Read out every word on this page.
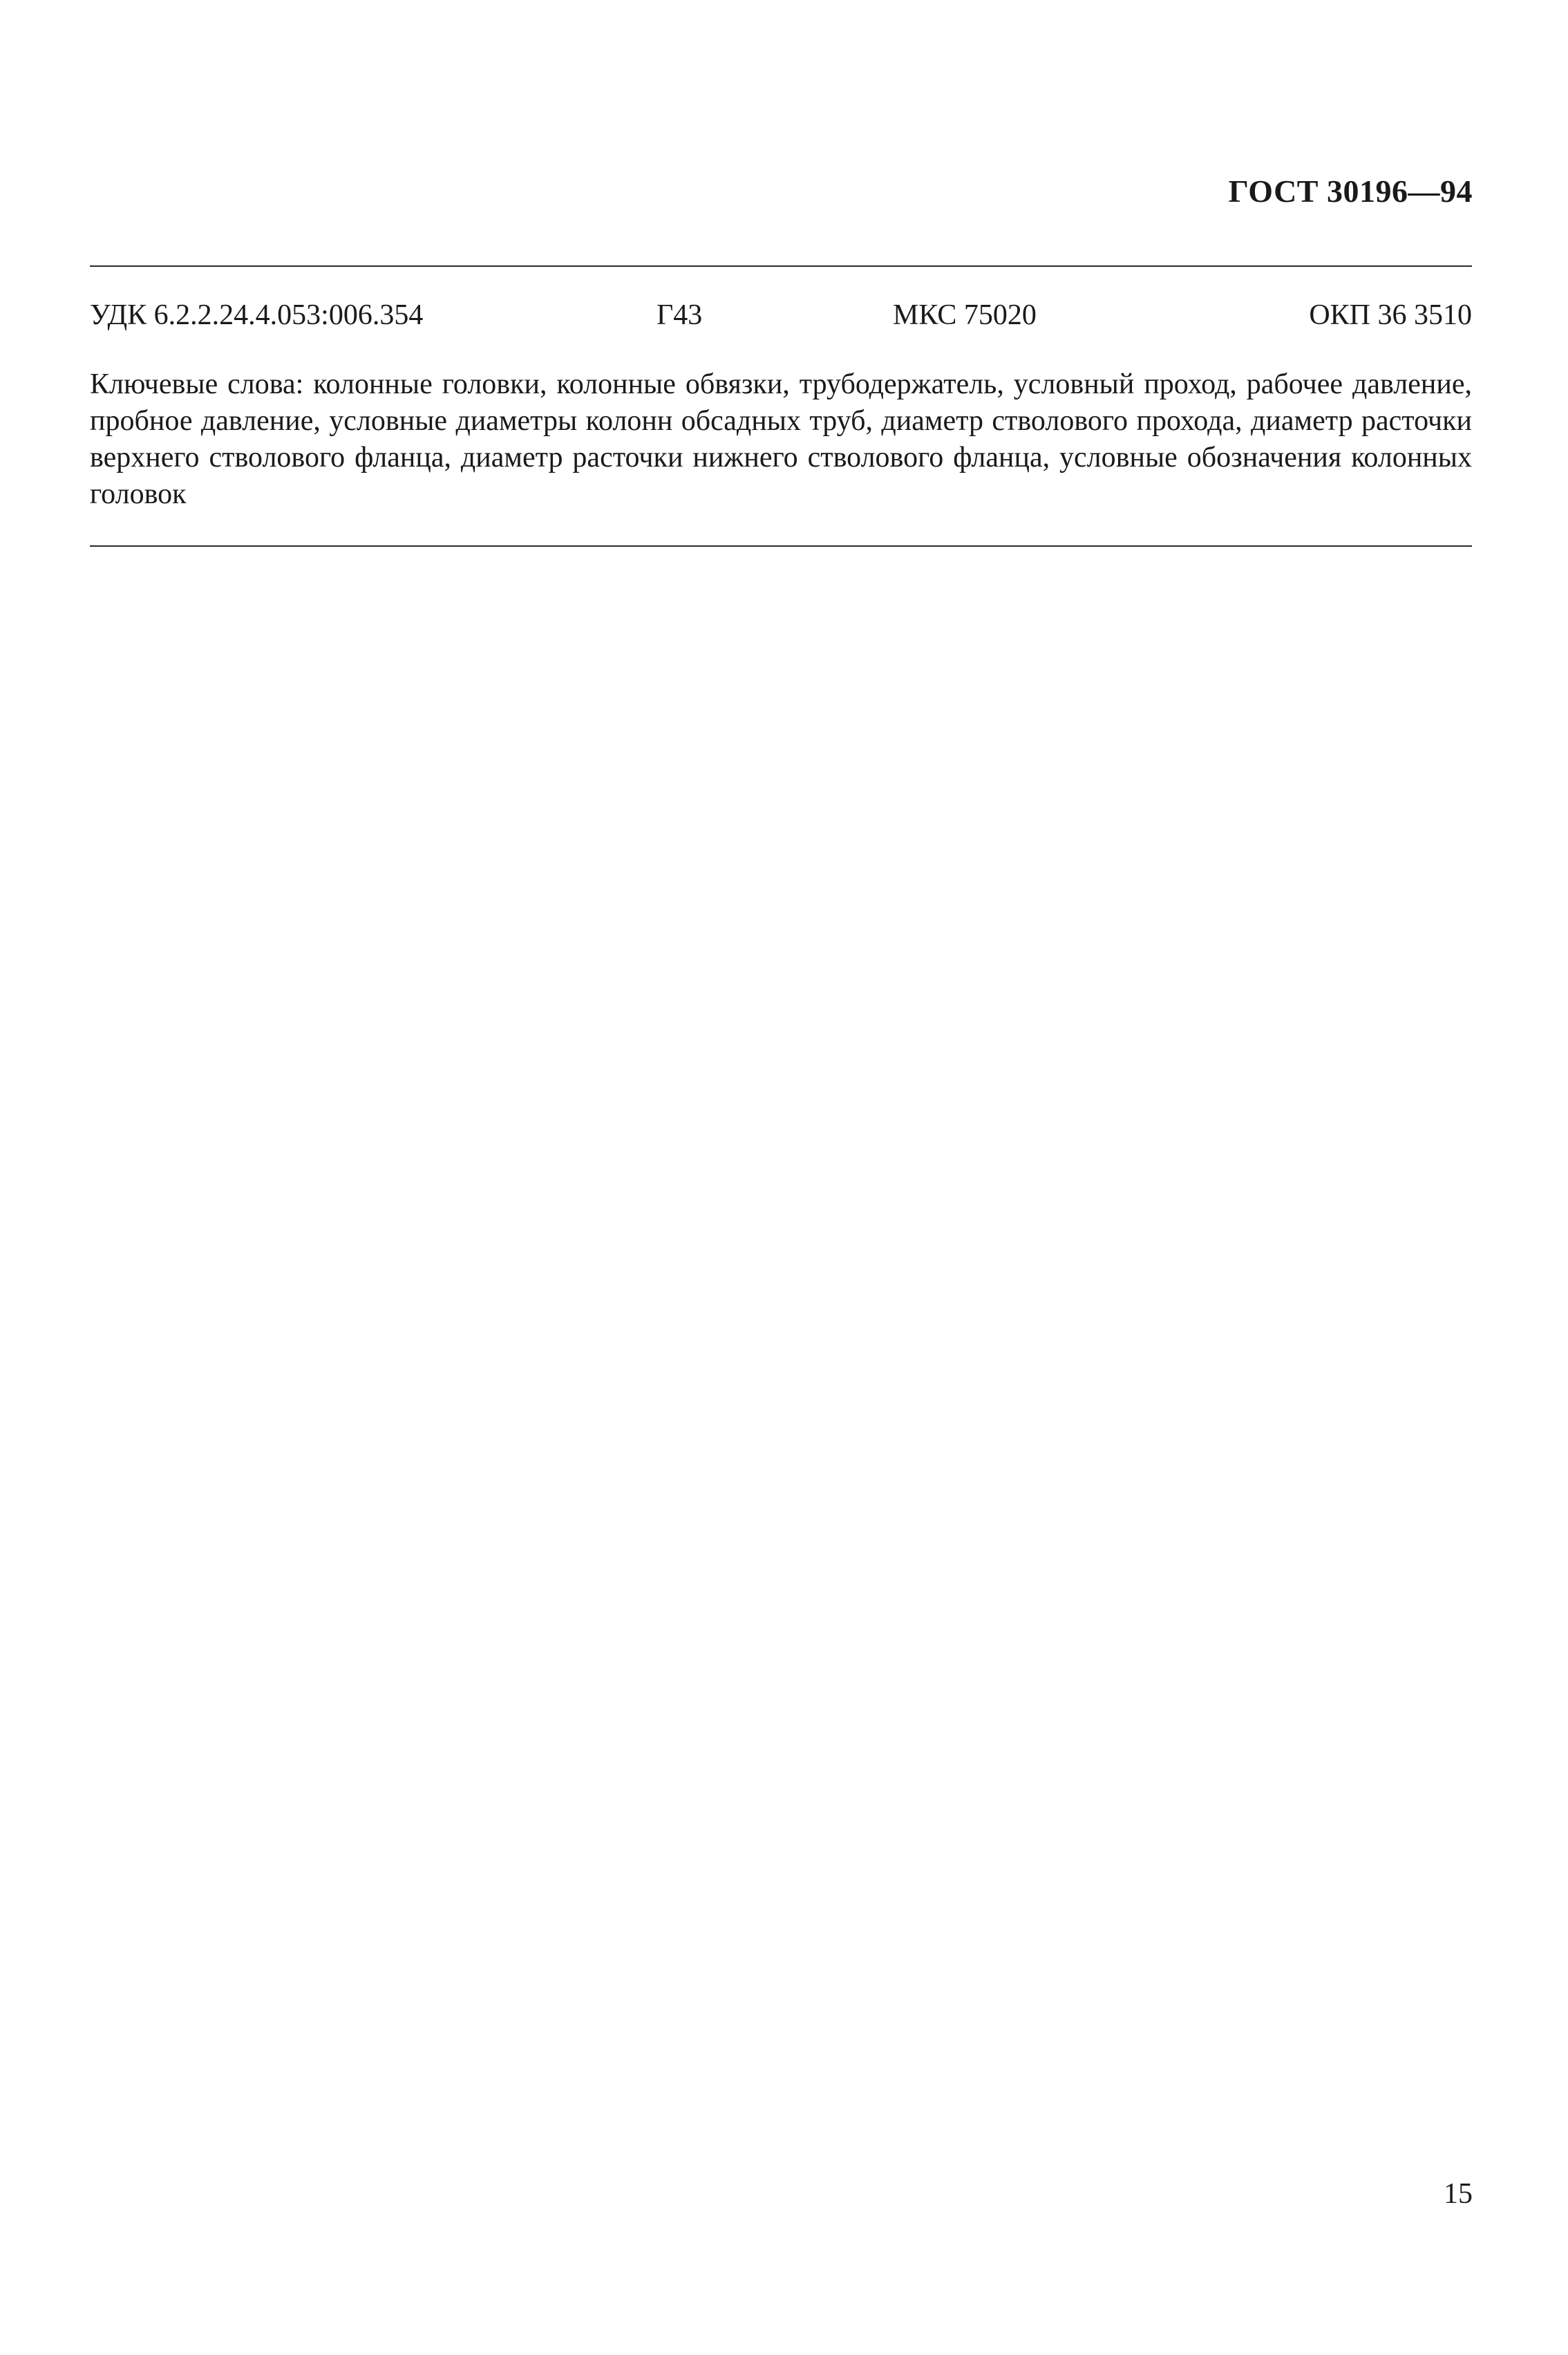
ГОСТ 30196—94
УДК 6.2.2.24.4.053:006.354	Г43	МКС 75020	ОКП 36 3510
Ключевые слова: колонные головки, колонные обвязки, трубодержатель, условный проход, рабочее давление, пробное давление, условные диаметры колонн обсадных труб, диаметр стволового прохода, диаметр расточки верхнего стволового фланца, диаметр расточки нижнего стволового фланца, условные обозначения колонных головок
15
